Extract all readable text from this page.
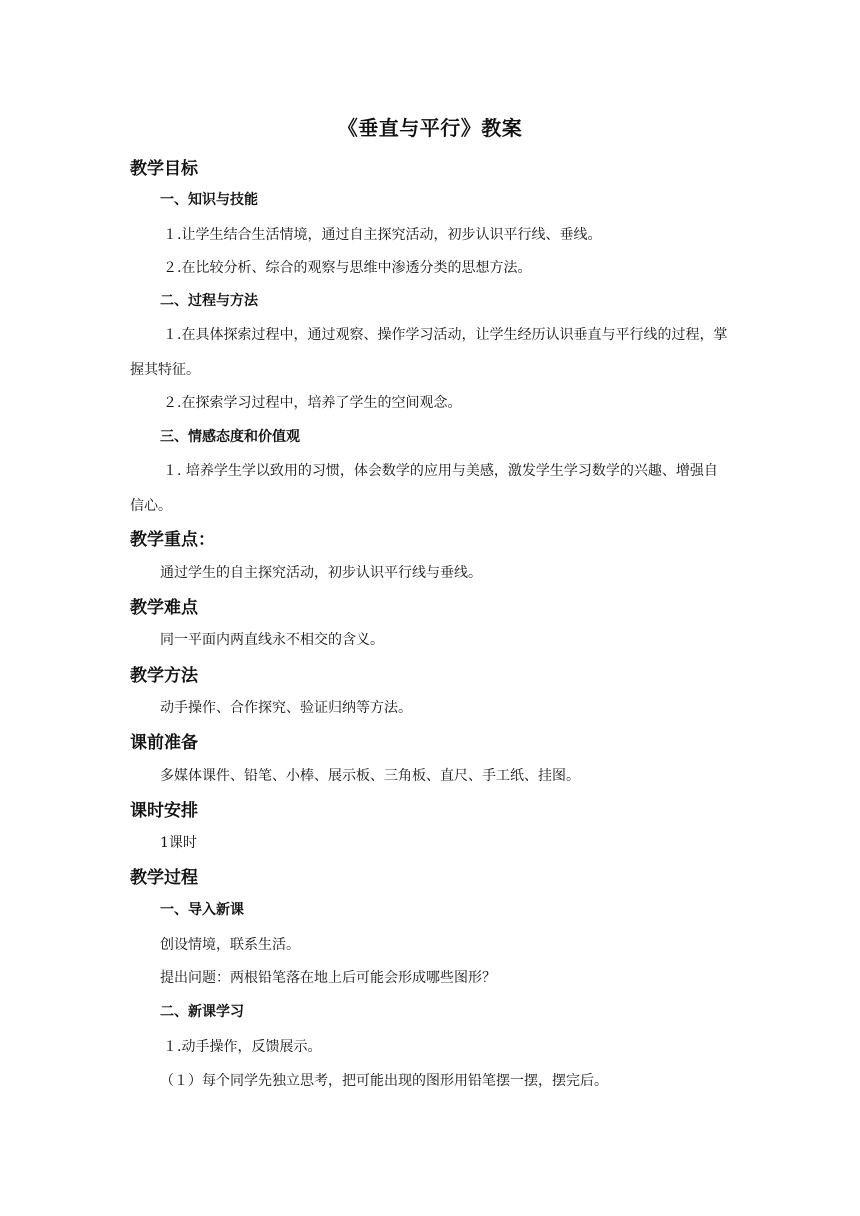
《垂直与平行》教案
教学目标
一、知识与技能
１.让学生结合生活情境，通过自主探究活动，初步认识平行线、垂线。
２.在比较分析、综合的观察与思维中渗透分类的思想方法。
二、过程与方法
１.在具体探索过程中，通过观察、操作学习活动，让学生经历认识垂直与平行线的过程，掌握其特征。
２.在探索学习过程中，培养了学生的空间观念。
三、情感态度和价值观
１. 培养学生学以致用的习惯，体会数学的应用与美感，激发学生学习数学的兴趣、增强自信心。
教学重点：
通过学生的自主探究活动，初步认识平行线与垂线。
教学难点
同一平面内两直线永不相交的含义。
教学方法
动手操作、合作探究、验证归纳等方法。
课前准备
多媒体课件、铅笔、小棒、展示板、三角板、直尺、手工纸、挂图。
课时安排
1课时
教学过程
一、导入新课
创设情境，联系生活。
提出问题：两根铅笔落在地上后可能会形成哪些图形？
二、新课学习
１.动手操作，反馈展示。
（１）每个同学先独立思考，把可能出现的图形用铅笔摆一摆，摆完后。
